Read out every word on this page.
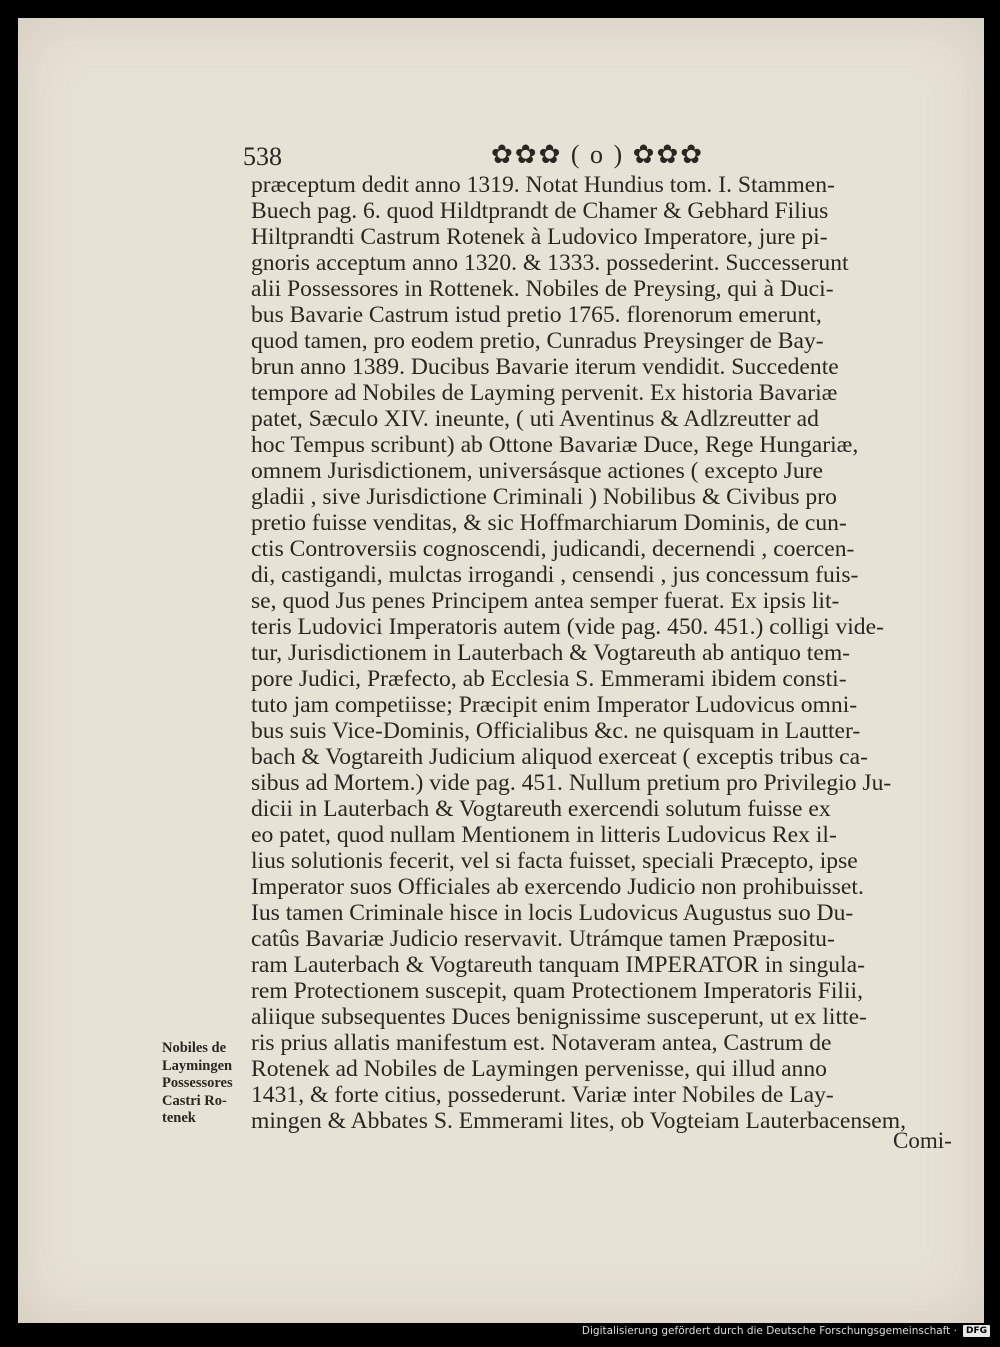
538	✿✿✿ ( o ) ✿✿✿
præceptum dedit anno 1319. Notat Hundius tom. I. Stammen-
Buech pag. 6. quod Hildtprandt de Chamer & Gebhard Filius
Hiltprandti Castrum Rotenek à Ludovico Imperatore, jure pi-
gnoris acceptum anno 1320. & 1333. possederint. Successerunt
alii Possessores in Rottenek. Nobiles de Preysing, qui à Duci-
bus Bavarie Castrum istud pretio 1765. florenorum emerunt,
quod tamen, pro eodem pretio, Cunradus Preysinger de Bay-
brun anno 1389. Ducibus Bavarie iterum vendidit. Succedente
tempore ad Nobiles de Layming pervenit. Ex historia Bavariæ
patet, Sæculo XIV. ineunte, ( uti Aventinus & Adlzreutter ad
hoc Tempus scribunt) ab Ottone Bavariæ Duce, Rege Hungariæ,
omnem Jurisdictionem, universásque actiones ( excepto Jure
gladii , sive Jurisdictione Criminali ) Nobilibus & Civibus pro
pretio fuisse venditas, & sic Hoffmarchiarum Dominis, de cun-
ctis Controversiis cognoscendi, judicandi, decernendi , coercen-
di, castigandi, mulctas irrogandi , censendi , jus concessum fuis-
se, quod Jus penes Principem antea semper fuerat. Ex ipsis lit-
teris Ludovici Imperatoris autem (vide pag. 450. 451.) colligi vide-
tur, Jurisdictionem in Lauterbach & Vogtareuth ab antiquo tem-
pore Judici, Præfecto, ab Ecclesia S. Emmerami ibidem consti-
tuto jam competiisse; Præcipit enim Imperator Ludovicus omni-
bus suis Vice-Dominis, Officialibus &c. ne quisquam in Lautter-
bach & Vogtareith Judicium aliquod exerceat ( exceptis tribus ca-
sibus ad Mortem.) vide pag. 451. Nullum pretium pro Privilegio Ju-
dicii in Lauterbach & Vogtareuth exercendi solutum fuisse ex
eo patet, quod nullam Mentionem in litteris Ludovicus Rex il-
lius solutionis fecerit, vel si facta fuisset, speciali Præcepto, ipse
Imperator suos Officiales ab exercendo Judicio non prohibuisset.
Ius tamen Criminale hisce in locis Ludovicus Augustus suo Du-
catûs Bavariæ Judicio reservavit. Utrámque tamen Præpositu-
ram Lauterbach & Vogtareuth tanquam IMPERATOR in singula-
rem Protectionem suscepit, quam Protectionem Imperatoris Filii,
aliique subsequentes Duces benignissime susceperunt, ut ex litte-
ris prius allatis manifestum est. Notaveram antea, Castrum de
Rotenek ad Nobiles de Laymingen pervenisse, qui illud anno
1431, & forte citius, possederunt. Variæ inter Nobiles de Lay-
mingen & Abbates S. Emmerami lites, ob Vogteiam Lauterbacensem,
Comi-
Nobiles de
Laymingen
Possessores
Castri Ro-
tenek
Digitalisierung gefördert durch die Deutsche Forschungsgemeinschaft ·	DFG
